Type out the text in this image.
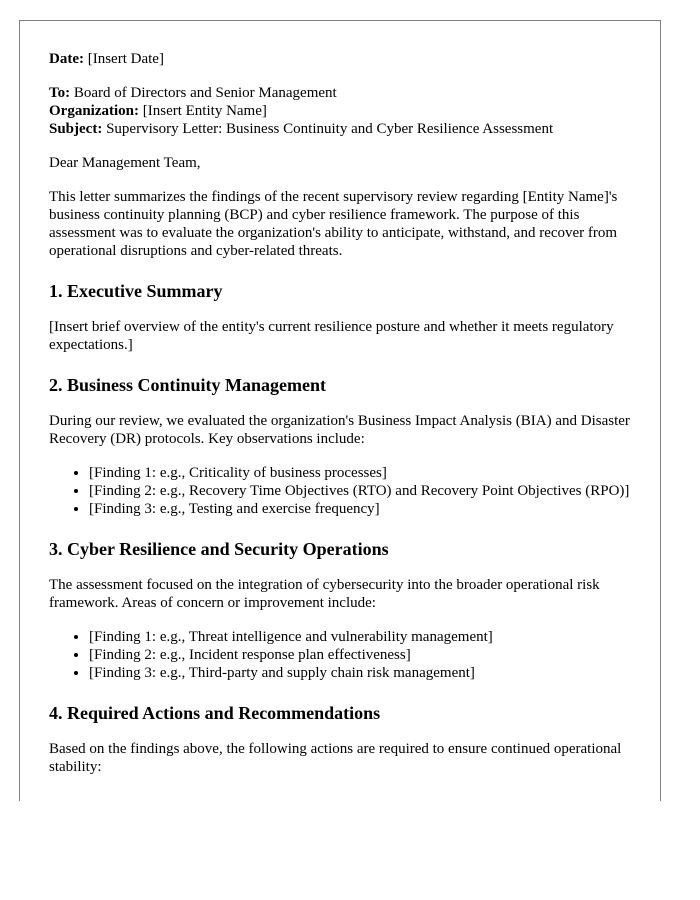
Date: [Insert Date]

To: Board of Directors and Senior Management

Organization: [Insert Entity Name]

Subject: Supervisory Letter: Business Continuity and Cyber Resilience Assessment

Dear Management Team,

This letter summarizes the findings of the recent supervisory review regarding [Entity Name]'s business continuity planning (BCP) and cyber resilience framework. The purpose of this assessment was to evaluate the organization's ability to anticipate, withstand, and recover from operational disruptions and cyber-related threats.

1. Executive Summary

[Insert brief overview of the entity's current resilience posture and whether it meets regulatory expectations.]

2. Business Continuity Management

During our review, we evaluated the organization's Business Impact Analysis (BIA) and Disaster Recovery (DR) protocols. Key observations include:

• [Finding 1: e.g., Criticality of business processes]
• [Finding 2: e.g., Recovery Time Objectives (RTO) and Recovery Point Objectives (RPO)]
• [Finding 3: e.g., Testing and exercise frequency]
3. Cyber Resilience and Security Operations

The assessment focused on the integration of cybersecurity into the broader operational risk framework. Areas of concern or improvement include:

• [Finding 1: e.g., Threat intelligence and vulnerability management]
• [Finding 2: e.g., Incident response plan effectiveness]
• [Finding 3: e.g., Third-party and supply chain risk management]
4. Required Actions and Recommendations

Based on the findings above, the following actions are required to ensure continued operational stability:
